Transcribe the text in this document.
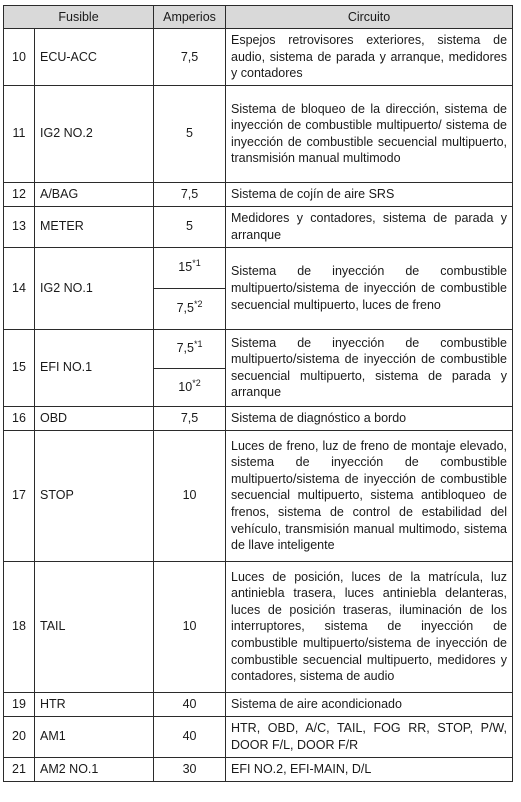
Fusible		Amperios	Circuito
10	ECU-ACC	7,5	Espejos retrovisores exteriores, sistema de audio, sistema de parada y arranque, medidores y contadores
11	IG2 NO.2	5	Sistema de bloqueo de la dirección, sistema de inyección de combustible multipuerto/ sistema de inyección de combustible secuencial multipuerto, transmisión manual multimodo
12	A/BAG	7,5	Sistema de cojín de aire SRS
13	METER	5	Medidores y contadores, sistema de parada y arranque
14	IG2 NO.1	15$^{*1}$	Sistema de inyección de combustible multipuerto/sistema de inyección de combustible secuencial multipuerto, luces de freno
		7,5$^{*2}$
15	EFI NO.1	7,5$^{*1}$	Sistema de inyección de combustible multipuerto/sistema de inyección de combustible secuencial multipuerto, sistema de parada y arranque
		10$^{*2}$
16	OBD	7,5	Sistema de diagnóstico a bordo
17	STOP	10	Luces de freno, luz de freno de montaje elevado, sistema de inyección de combustible multipuerto/sistema de inyección de combustible secuencial multipuerto, sistema antibloqueo de frenos, sistema de control de estabilidad del vehículo, transmisión manual multimodo, sistema de llave inteligente
18	TAIL	10	Luces de posición, luces de la matrícula, luz antiniebla trasera, luces antiniebla delanteras, luces de posición traseras, iluminación de los interruptores, sistema de inyección de combustible multipuerto/sistema de inyección de combustible secuencial multipuerto, medidores y contadores, sistema de audio
19	HTR	40	Sistema de aire acondicionado
20	AM1	40	HTR, OBD, A/C, TAIL, FOG RR, STOP, P/W, DOOR F/L, DOOR F/R
21	AM2 NO.1	30	EFI NO.2, EFI-MAIN, D/L
